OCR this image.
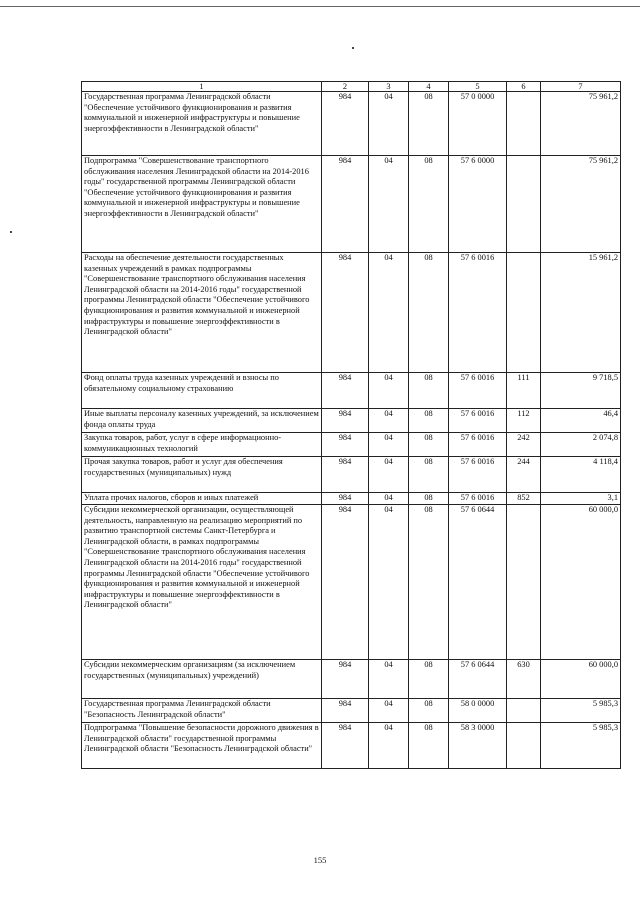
1	2	3	4	5	6	7
Государственная программа Ленинградской области "Обеспечение устойчивого функционирования и развития коммунальной и инженерной инфраструктуры и повышение энергоэффективности в Ленинградской области"	984	04	08	57 0 0000		75 961,2
Подпрограмма "Совершенствование транспортного обслуживания населения Ленинградской области на 2014-2016 годы" государственной программы Ленинградской области "Обеспечение устойчивого функционирования и развития коммунальной и инженерной инфраструктуры и повышение энергоэффективности в Ленинградской области"	984	04	08	57 6 0000		75 961,2
Расходы на обеспечение деятельности государственных казенных учреждений в рамках подпрограммы "Совершенствование транспортного обслуживания населения Ленинградской области на 2014-2016 годы" государственной программы Ленинградской области "Обеспечение устойчивого функционирования и развития коммунальной и инженерной инфраструктуры и повышение энергоэффективности в Ленинградской области"	984	04	08	57 6 0016		15 961,2
Фонд оплаты труда казенных учреждений и взносы по обязательному социальному страхованию	984	04	08	57 6 0016	111	9 718,5
Иные выплаты персоналу казенных учреждений, за исключением фонда оплаты труда	984	04	08	57 6 0016	112	46,4
Закупка товаров, работ, услуг в сфере информационно-коммуникационных технологий	984	04	08	57 6 0016	242	2 074,8
Прочая закупка товаров, работ и услуг для обеспечения государственных (муниципальных) нужд	984	04	08	57 6 0016	244	4 118,4
Уплата прочих налогов, сборов и иных платежей	984	04	08	57 6 0016	852	3,1
Субсидии некоммерческой организации, осуществляющей деятельность, направленную на реализацию мероприятий по развитию транспортной системы Санкт-Петербурга и Ленинградской области, в рамках подпрограммы "Совершенствование транспортного обслуживания населения Ленинградской области на 2014-2016 годы" государственной программы Ленинградской области "Обеспечение устойчивого функционирования и развития коммунальной и инженерной инфраструктуры и повышение энергоэффективности в Ленинградской области"	984	04	08	57 6 0644		60 000,0
Субсидии некоммерческим организациям (за исключением государственных (муниципальных) учреждений)	984	04	08	57 6 0644	630	60 000,0
Государственная программа Ленинградской области "Безопасность Ленинградской области"	984	04	08	58 0 0000		5 985,3
Подпрограмма "Повышение безопасности дорожного движения в Ленинградской области" государственной программы Ленинградской области "Безопасность Ленинградской области"	984	04	08	58 3 0000		5 985,3
155
